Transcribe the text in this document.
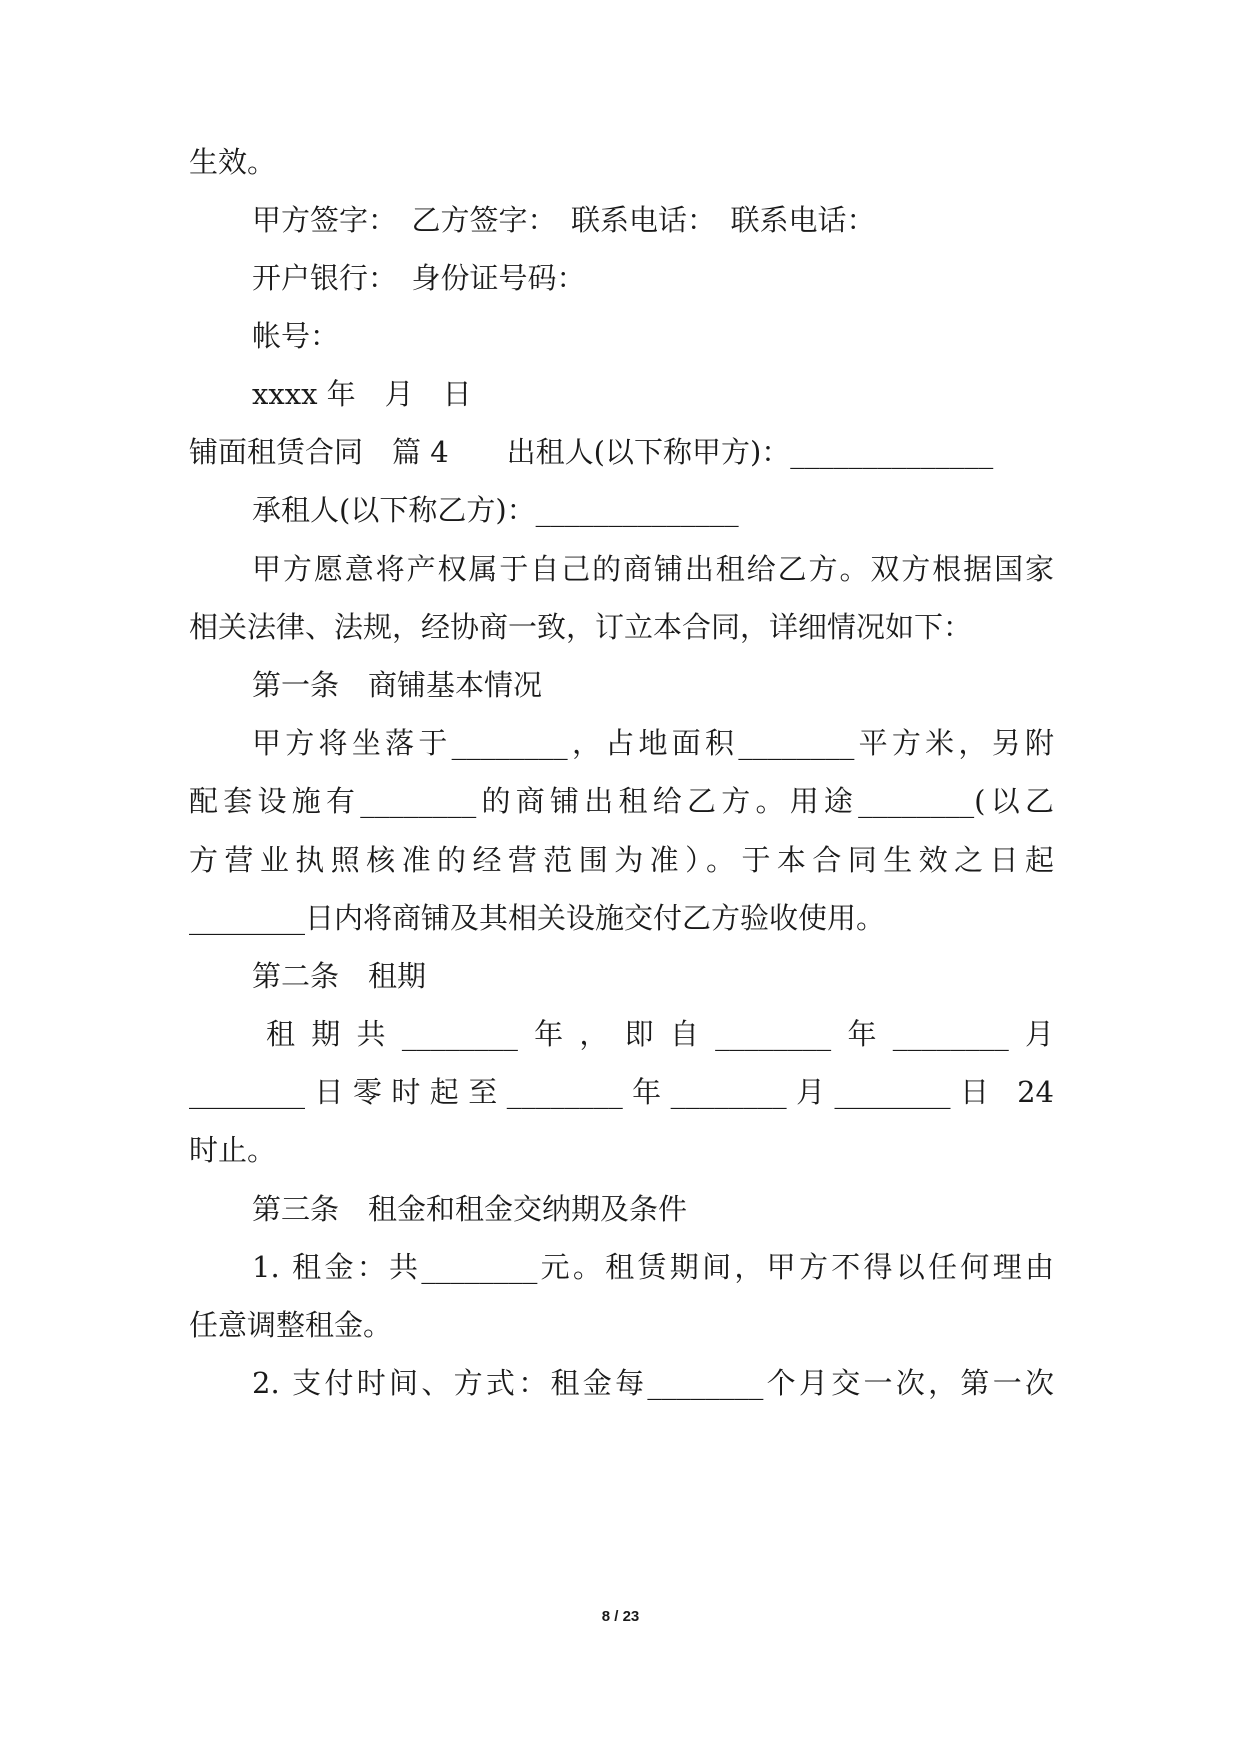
生效。
甲方签字：　乙方签字：　联系电话：　联系电话：
开户银行：　身份证号码：
帐号：
xxxx 年　月　日
铺面租赁合同　篇 4　　出租人(以下称甲方)：______________
承租人(以下称乙方)：______________
甲方愿意将产权属于自己的商铺出租给乙方。双方根据国家
相关法律、法规，经协商一致，订立本合同，详细情况如下：
第一条　商铺基本情况
甲方将坐落于________，占地面积________平方米，另附
配套设施有________的商铺出租给乙方。用途________(以乙
方营业执照核准的经营范围为准）。于本合同生效之日起
________日内将商铺及其相关设施交付乙方验收使用。
第二条　租期
租期共________年，即自________年________月
________日零时起至________年________月________日 24
时止。
第三条　租金和租金交纳期及条件
1. 租金：共________元。租赁期间，甲方不得以任何理由
任意调整租金。
2. 支付时间、方式：租金每________个月交一次，第一次
8 / 23
